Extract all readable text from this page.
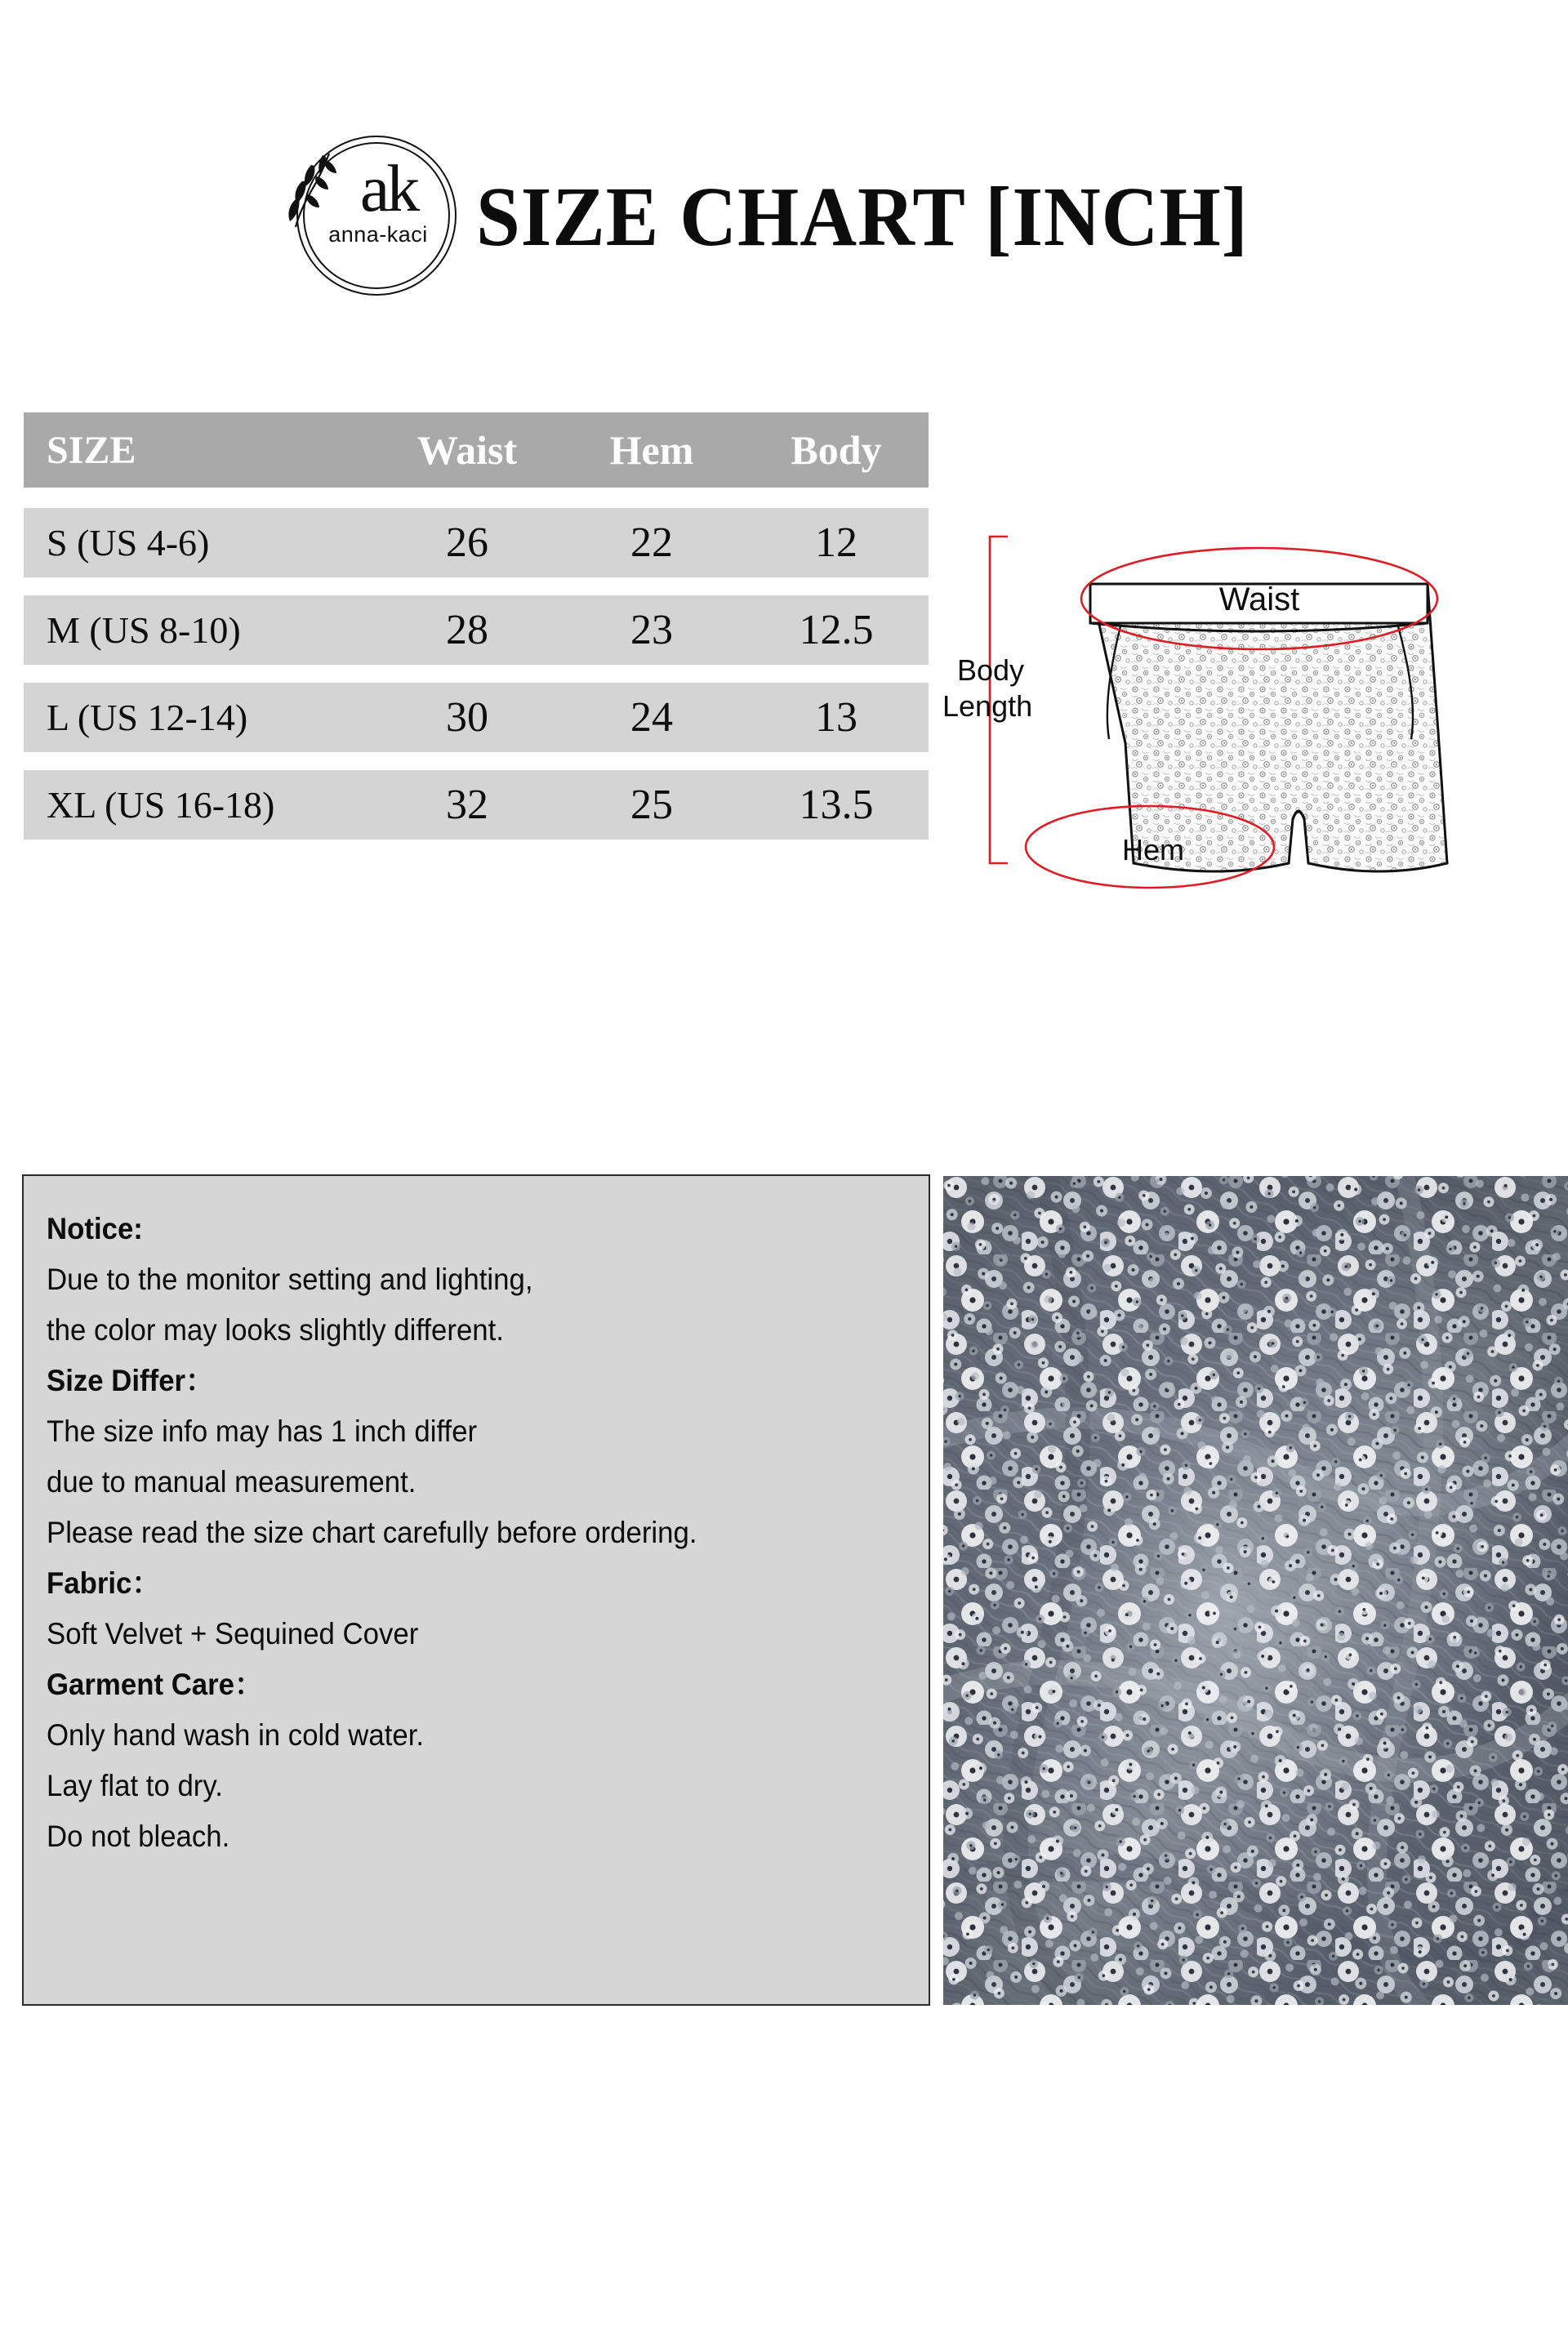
ak
anna-kaci SIZE CHART [INCH]
SIZE	Waist	Hem	Body
S (US 4-6)	26	22	12
M (US 8-10)	28	23	12.5
L (US 12-14)	30	24	13
XL (US 16-18)	32	25	13.5
Waist
Hem
Body
Length
Notice:
Due to the monitor setting and lighting,
the color may looks slightly different.
Size Differ：
The size info may has 1 inch differ
due to manual measurement.
Please read the size chart carefully before ordering.
Fabric：
Soft Velvet + Sequined Cover
Garment Care：
Only hand wash in cold water.
Lay flat to dry.
Do not bleach.
